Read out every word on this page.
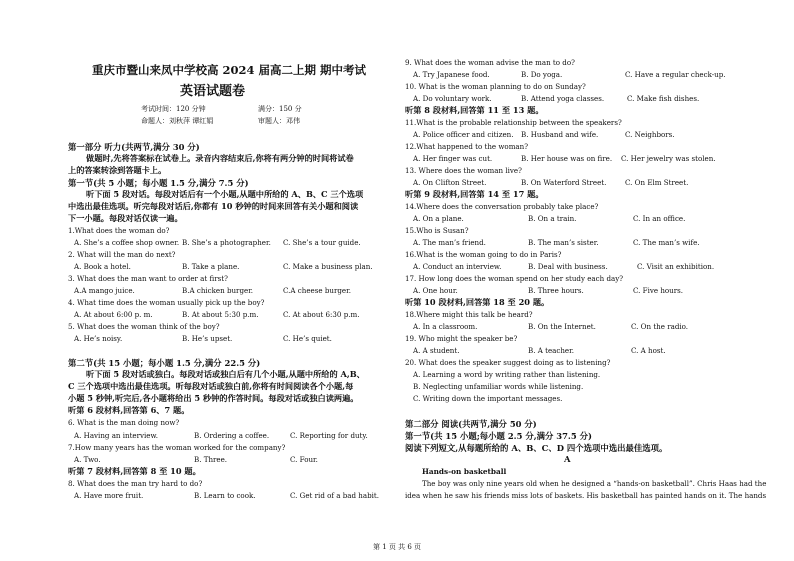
重庆市暨山来凤中学校高 2024 届高二上期 期中考试
英语试题卷
考试时间：120 分钟	满分：150 分
命题人：刘秋萍 谭红娟	审题人：邓伟
第一部分 听力(共两节,满分 30 分)
做题时,先将答案标在试卷上。录音内容结束后,你将有两分钟的时间将试卷
上的答案转涂到答题卡上。
第一节(共 5 小题；每小题 1.5 分,满分 7.5 分)
听下面 5 段对话。每段对话后有一个小题,从题中所给的 A、B、C 三个选项
中选出最佳选项。听完每段对话后,你都有 10 秒钟的时间来回答有关小题和阅读
下一小题。每段对话仅读一遍。
1.What does the woman do?
A. She’s a coffee shop owner. B. She’s a photographer. C. She’s a tour guide.
2. What will the man do next?
A. Book a hotel.	B. Take a plane.	C. Make a business plan.
3. What does the man want to order at first?
A.A mango juice.	B.A chicken burger.	C.A cheese burger.
4. What time does the woman usually pick up the boy?
A. At about 6:00 p. m.	B. At about 5:30 p.m.	C. At about 6:30 p.m.
5. What does the woman think of the boy?
A. He’s noisy.	B. He’s upset.	C. He’s quiet.
第二节(共 15 小题；每小题 1.5 分,满分 22.5 分)
听下面 5 段对话或独白。每段对话或独白后有几个小题,从题中所给的 A,B、
C 三个选项中选出最佳选项。听每段对话或独白前,你将有时间阅读各个小题,每
小题 5 秒钟,听完后,各小题将给出 5 秒钟的作答时间。每段对话或独白读两遍。
听第 6 段材料,回答第 6、7 题。
6. What is the man doing now?
A. Having an interview.	B. Ordering a coffee.	C. Reporting for duty.
7.How many years has the woman worked for the company?
A. Two.	B. Three.	C. Four.
听第 7 段材料,回答第 8 至 10 题。
8. What does the man try hard to do?
A. Have more fruit.	B. Learn to cook.	C. Get rid of a bad habit.
9. What does the woman advise the man to do?
A. Try Japanese food.	B. Do yoga.	C. Have a regular check-up.
10. What is the woman planning to do on Sunday?
A. Do voluntary work.	B. Attend yoga classes.	C. Make fish dishes.
听第 8 段材料,回答第 11 至 13 题。
11.What is the probable relationship between the speakers?
A. Police officer and citizen. B. Husband and wife.	C. Neighbors.
12.What happened to the woman?
A. Her finger was cut.	B. Her house was on fire. C. Her jewelry was stolen.
13. Where does the woman live?
A. On Clifton Street.	B. On Waterford Street.	C. On Elm Street.
听第 9 段材料,回答第 14 至 17 题。
14.Where does the conversation probably take place?
A. On a plane.	B. On a train.	C. In an office.
15.Who is Susan?
A. The man’s friend.	B. The man’s sister.	C. The man’s wife.
16.What is the woman going to do in Paris?
A. Conduct an interview.	B. Deal with business.	C. Visit an exhibition.
17. How long does the woman spend on her study each day?
A. One hour.	B. Three hours.	C. Five hours.
听第 10 段材料,回答第 18 至 20 题。
18.Where might this talk be heard?
A. In a classroom.	B. On the Internet.	C. On the radio.
19. Who might the speaker be?
A. A student.	B. A teacher.	C. A host.
20. What does the speaker suggest doing as to listening?
A. Learning a word by writing rather than listening.
B. Neglecting unfamiliar words while listening.
C. Writing down the important messages.
第二部分 阅读(共两节,满分 50 分)
第一节(共 15 小题;每小题 2.5 分,满分 37.5 分)
阅读下列短文,从每题所给的 A、B、C、D 四个选项中选出最佳选项。
A
Hands-on basketball
The boy was only nine years old when he designed a “hands-on basketball”. Chris Haas had the
idea when he saw his friends miss lots of baskets. His basketball has painted hands on it. The hands
第 1 页 共 6 页
